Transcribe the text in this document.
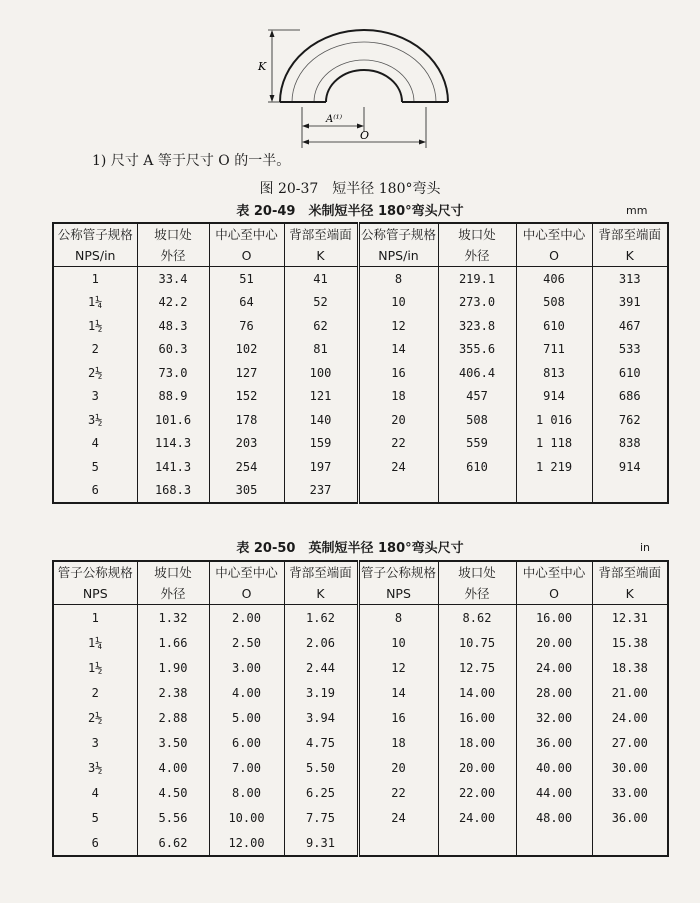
K
A⁽¹⁾
O
1) 尺寸 A 等于尺寸 O 的一半。
图 20-37　短半径 180°弯头
表 20-49　米制短半径 180°弯头尺寸	mm
公称管子规格	坡口处	中心至中心	背部至端面	公称管子规格	坡口处	中心至中心	背部至端面
NPS/in	外径	O	K	NPS/in	外径	O	K
1	33.4	51	41	8	219.1	406	313
1¼	42.2	64	52	10	273.0	508	391
1½	48.3	76	62	12	323.8	610	467
2	60.3	102	81	14	355.6	711	533
2½	73.0	127	100	16	406.4	813	610
3	88.9	152	121	18	457	914	686
3½	101.6	178	140	20	508	1 016	762
4	114.3	203	159	22	559	1 118	838
5	141.3	254	197	24	610	1 219	914
6	168.3	305	237				
表 20-50　英制短半径 180°弯头尺寸	in
管子公称规格	坡口处	中心至中心	背部至端面	管子公称规格	坡口处	中心至中心	背部至端面
NPS	外径	O	K	NPS	外径	O	K
1	1.32	2.00	1.62	8	8.62	16.00	12.31
1¼	1.66	2.50	2.06	10	10.75	20.00	15.38
1½	1.90	3.00	2.44	12	12.75	24.00	18.38
2	2.38	4.00	3.19	14	14.00	28.00	21.00
2½	2.88	5.00	3.94	16	16.00	32.00	24.00
3	3.50	6.00	4.75	18	18.00	36.00	27.00
3½	4.00	7.00	5.50	20	20.00	40.00	30.00
4	4.50	8.00	6.25	22	22.00	44.00	33.00
5	5.56	10.00	7.75	24	24.00	48.00	36.00
6	6.62	12.00	9.31				
